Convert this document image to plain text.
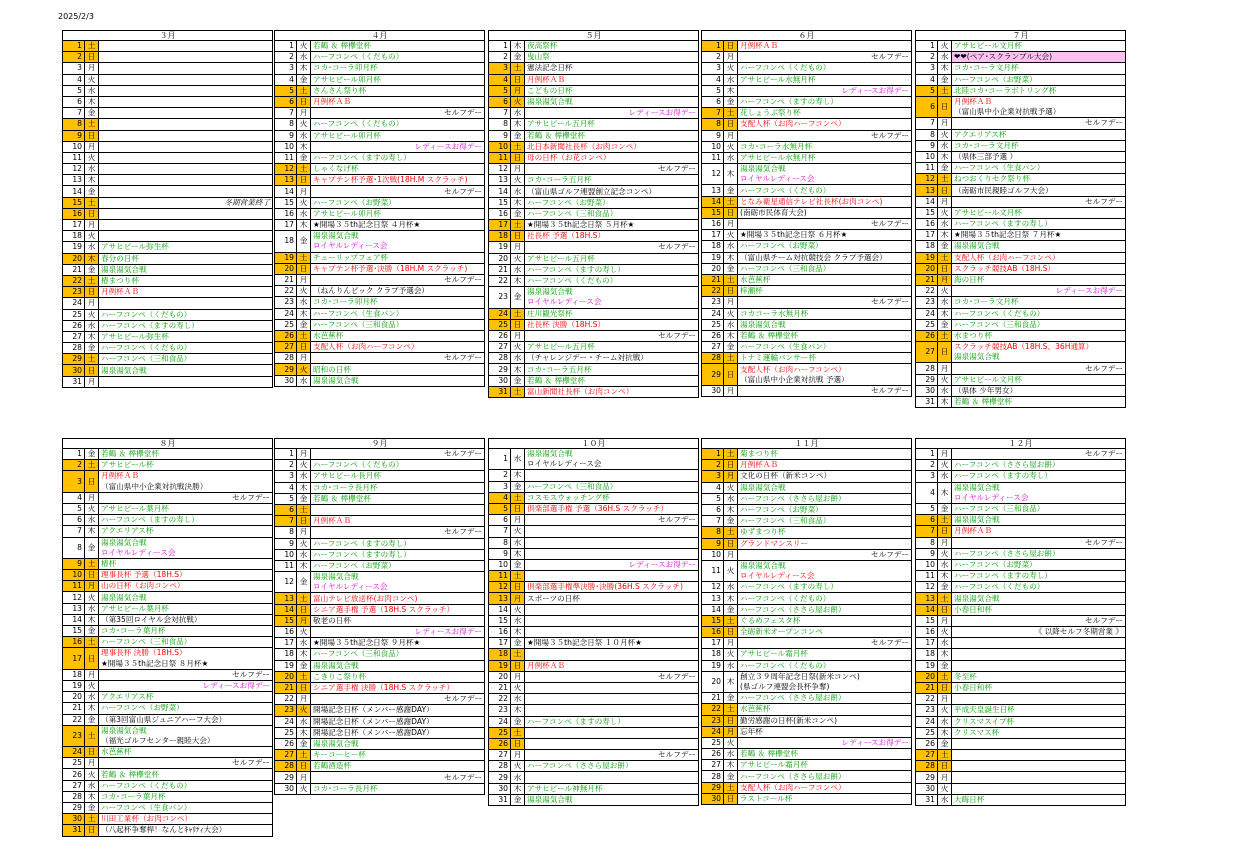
2025/2/3
３月		
1	土	
2	日	
3	月	
4	火	
5	水	
6	木	
7	金	
8	土	
9	日	
10	月	
11	火	
12	水	
13	木	
14	金	
15	土	冬期営業終了
16	日	
17	月	
18	火	
19	水	アサヒビール弥生杯
20	木	春分の日杯
21	金	湯泉湯気合戦
22	土	椿まつり杯
23	日	月例杯ＡＢ
24	月	
25	火	ハーフコンペ（くだもの）
26	水	ハーフコンペ（ますの寿し）
27	木	アサヒビール弥生杯
28	金	ハーフコンペ（くだもの）
29	土	ハーフコンペ（三和食品）
30	日	湯泉湯気合戦
31	月	
４月		
1	火	若鶴 ＆ 榉欅堂杯
2	水	ハーフコンペ（くだもの）
3	木	コカ･コーラ卯月杯
4	金	アサヒビール卯月杯
5	土	さんさん祭り杯
6	日	月例杯ＡＢ
7	月	セルフデー
8	火	ハーフコンペ（くだもの）
9	水	アサヒビール卯月杯
10	木	レディースお得デー
11	金	ハーフコンペ（ますの寿し）
12	土	しゃくなげ杯
13	日	キャプテン杯予選･1次戦(18H.M スクラッチ)
14	月	セルフデー
15	火	ハーフコンペ（お野菜）
16	水	アサヒビール卯月杯
17	木	★開場３５th記念日祭 ４月杯★
18	金	湯泉湯気合戦
		ロイヤルレディース会
19	土	チューリップフェア杯
20	日	キャプテン杯予選･決勝（18H.M スクラッチ)
21	月	セルフデー
22	火	（ねんりんピック クラブ予選会）
23	水	コカ･コーラ卯月杯
24	木	ハーフコンペ（生食パン）
25	金	ハーフコンペ（三和食品）
26	土	水芭蕉杯
27	日	支配人杯（お肉ハーフコンペ）
28	月	セルフデー
29	火	昭和の日杯
30	水	湯泉湯気合戦
５月		
1	木	夜高祭杯
2	金	曳山祭
3	土	憲法記念日杯
4	日	月例杯ＡＢ
5	月	こどもの日杯
6	火	湯泉湯気合戦
7	水	レディースお得デー
8	木	アサヒビール五月杯
9	金	若鶴 ＆ 榉欅堂杯
10	土	北日本新聞社長杯（お肉コンペ）
11	日	母の日杯（お花コンペ）
12	月	セルフデー
13	火	コカ･コーラ五月杯
14	水	（富山県ゴルフ連盟創立記念コンペ）
15	木	ハーフコンペ（お野菜）
16	金	ハーフコンペ（三和食品）
17	土	★開場３５th記念日祭 ５月杯★
18	日	社長杯 予選（18H.S）
19	月	セルフデー
20	火	アサヒビール五月杯
21	水	ハーフコンペ（ますの寿し）
22	木	ハーフコンペ（くだもの）
23	金	湯泉湯気合戦
		ロイヤルレディース会
24	土	庄川観光祭杯
25	日	社長杯 決勝（18H.S）
26	月	セルフデー
27	火	アサヒビール五月杯
28	水	（チャレンジデー・チーム対抗戦）
29	木	コカ･コーラ五月杯
30	金	若鶴 ＆ 榉欅堂杯
31	土	富山新聞社長杯（お肉コンペ）
６月		
1	日	月例杯ＡＢ
2	月	セルフデー
3	火	ハーフコンペ（くだもの）
4	水	アサヒビール水無月杯
5	木	レディースお得デー
6	金	ハーフコンペ（ますの寿し）
7	土	花しょうぶ祭り杯
8	日	支配人杯（お肉ハーフコンペ）
9	月	セルフデー
10	火	コカ･コーラ水無月杯
11	水	アサヒビール水無月杯
12	木	湯泉湯気合戦
		ロイヤルレディース会
13	金	ハーフコンペ（くだもの）
14	土	となみ衛星通信テレビ社長杯(お肉コンペ)
15	日	(南砺市民体育大会)
16	月	セルフデー
17	火	★開場３５th記念日祭 ６月杯★
18	水	ハーフコンペ（お野菜）
19	木	（富山県チーム対抗競技会 クラブ予選会）
20	金	ハーフコンペ（三和食品）
21	土	水芭蕉杯
22	日	梓瀬杯
23	月	セルフデー
24	火	コカコーラ水無月杯
25	水	湯泉湯気合戦
26	木	若鶴 ＆ 榉欅堂杯
27	金	ハーフコンペ（生食パン）
28	土	トナミ運輸バンサー杯
29	日	支配人杯（お肉ハーフコンペ）
		（富山県中小企業対抗戦 予選）
30	月	セルフデー
７月		
1	火	アサヒビール文月杯
2	水	❤❤(ペア･スクランブル大会)
3	木	コカ･コーラ文月杯
4	金	ハーフコンペ（お野菜）
5	土	北陸コカ･コーラボトリング杯
6	日	月例杯ＡＢ
		（富山県中小企業対抗戦予選）
7	月	セルフデー
8	火	アクエリアス杯
9	水	コカ･コーラ文月杯
10	木	（県体三部予選 ）
11	金	ハーフコンペ（生食パン）
12	土	ねつおくりセク祭り杯
13	日	（南砺市民親睦ゴルフ大会）
14	月	セルフデー
15	火	アサヒビール文月杯
16	水	ハーフコンペ（ますの寿し）
17	木	★開場３５th記念日祭 ７月杯★
18	金	湯泉湯気合戦
19	土	支配人杯（お肉ハーフコンペ）
20	日	スクラッチ競技AB（18H.S）
21	月	海の日杯
22	火	レディースお得デー
23	水	コカ･コーラ文月杯
24	木	ハーフコンペ（くだもの）
25	金	ハーフコンペ（三和食品）
26	土	水まつり杯
27	日	スクラッチ競技AB（18H.S、36H通算）
		湯泉湯気合戦
28	月	セルフデー
29	火	アサヒビール文月杯
30	水	（県体 少年男女）
31	木	若鶴 ＆ 榉欅堂杯
８月		
1	金	若鶴 ＆ 榉欅堂杯
2	土	アサヒビール杯
3	日	月例杯ＡＢ
		（富山県中小企業対抗戦決勝）
4	月	セルフデー
5	火	アサヒビール葉月杯
6	水	ハーフコンペ（ますの寿し）
7	木	アクエリアス杯
8	金	湯泉湯気合戦
		ロイヤルレディース会
9	土	椿杯
10	日	理事長杯 予選（18H.S）
11	月	山の日杯（お肉コンペ）
12	火	湯泉湯気合戦
13	水	アサヒビール葉月杯
14	木	（第35回ロイヤル会対抗戦）
15	金	コカ･コーラ葉月杯
16	土	ハーフコンペ（三和食品）
17	日	理事長杯 決勝（18H.S）
		★開場３５th記念日祭 ８月杯★
18	月	セルフデー
19	火	レディースお得デー
20	水	アクエリアス杯
21	木	ハーフコンペ（お野菜）
22	金	（第3回富山県ジュニアハーフ大会）
23	土	湯泉湯気合戦
		（福光ゴルフセンター親睦大会）
24	日	水芭蕉杯
25	月	セルフデー
26	火	若鶴 ＆ 榉欅堂杯
27	水	ハーフコンペ（くだもの）
28	木	コカ･コーラ葉月杯
29	金	ハーフコンペ（生食パン）
30	土	川田工業杯（お肉コンペ）
31	日	（八起杯争奪桿！なんとｷｬﾘﾃｨ大会）
９月		
1	月	セルフデー
2	火	ハーフコンペ（くだもの）
3	水	アサヒビール長月杯
4	木	コカ･コーラ長月杯
5	金	若鶴 ＆ 榉欅堂杯
6	土	
7	日	月例杯ＡＢ
8	月	セルフデー
9	火	ハーフコンペ（ますの寿し）
10	水	ハーフコンペ（ますの寿し）
11	木	ハーフコンペ（お野菜）
12	金	湯泉湯気合戦
		ロイヤルレディース会
13	土	富山テレビ放送杯(お肉コンペ)
14	日	シニア選手権 予選（18H.S スクラッチ）
15	月	敬老の日杯
16	火	レディースお得デー
17	水	★開場３５th記念日祭 ９月杯★
18	木	ハーフコンペ（三和食品）
19	金	湯泉湯気合戦
20	土	こきりこ祭り杯
21	日	シニア選手権 決勝（18H.S スクラッチ）
22	月	セルフデー
23	火	開場記念日杯（メンバー感謝DAY）
24	水	開場記念日杯（メンバー感謝DAY）
25	木	開場記念日杯（メンバー感謝DAY）
26	金	湯泉湯気合戦
27	土	キーコーヒー杯
28	日	若鶴酒造杯
29	月	セルフデー
30	火	コカ･コーラ長月杯
１０月		
1	水	湯泉湯気合戦
		ロイヤルレディース会
2	木	
3	金	ハーフコンペ（三和食品）
4	土	コスモスウォッチング杯
5	日	倶楽部選手権 予選（36H.S スクラッチ）
6	月	セルフデー
7	火	
8	水	
9	木	
10	金	レディースお得デー
11	土	
12	日	倶楽部選手権準決勝･決勝(36H.S スクラッチ)
13	月	スポーツの日杯
14	火	
15	水	
16	木	
17	金	★開場３５th記念日祭 １０月杯★
18	土	
19	日	月例杯ＡＢ
20	月	セルフデー
21	火	
22	水	
23	木	
24	金	ハーフコンペ（ますの寿し）
25	土	
26	日	
27	月	セルフデー
28	火	ハーフコンペ（ささら屋お餅）
29	水	
30	木	アサヒビール神無月杯
31	金	湯泉湯気合戦
１１月		
1	土	菊まつり杯
2	日	月例杯ＡＢ
3	月	文化の日杯（新米コンペ）
4	火	湯泉湯気合戦
5	水	ハーフコンペ（ささら屋お餅）
6	木	ハーフコンペ（お野菜）
7	金	ハーフコンペ（三和食品）
8	土	ゆずまつり杯
9	日	グランドマンスリー
10	月	セルフデー
11	火	湯泉湯気合戦
		ロイヤルレディース会
12	水	ハーフコンペ（ますの寿し）
13	木	ハーフコンペ（くだもの）
14	金	ハーフコンペ（ささら屋お餅）
15	土	ぐるめフェスタ杯
16	日	全砺新米オープンコンペ
17	月	セルフデー
18	火	アサヒビール霜月杯
19	水	ハーフコンペ（くだもの）
20	木	創立３９周年記念日祭(新米コンペ)
		(県ゴルフ連盟会長杯争奪)
21	金	ハーフコンペ（ささら屋お餅）
22	土	水芭蕉杯
23	日	勤労感謝の日杯(新米コンペ)
24	月	忘年杯
25	火	レディースお得デー
26	水	若鶴 ＆ 榉欅堂杯
27	木	アサヒビール霜月杯
28	金	ハーフコンペ（ささら屋お餅）
29	土	支配人杯（お肉ハーフコンペ）
30	日	ラストコール杯
１２月		
1	月	セルフデー
2	火	ハーフコンペ（ささら屋お餅）
3	水	ハーフコンペ（ますの寿し）
4	木	湯泉湯気合戦
		ロイヤルレディース会
5	金	ハーフコンペ（三和食品）
6	土	湯泉湯気合戦
7	日	月例杯ＡＢ
8	月	セルフデー
9	火	ハーフコンペ（ささら屋お餅）
10	水	ハーフコンペ（お野菜）
11	木	ハーフコンペ（ますの寿し）
12	金	ハーフコンペ（くだもの）
13	土	湯泉湯気合戦
14	日	小春日和杯
15	月	セルフデー
16	火	《 以降セルフ冬期営業 》
17	水	
18	木	
19	金	
20	土	冬至杯
21	日	小春日和杯
22	月	
23	火	平成天皇誕生日杯
24	水	クリスマスイブ杯
25	木	クリスマス杯
26	金	
27	土	
28	日	
29	月	
30	火	
31	水	大晦日杯
